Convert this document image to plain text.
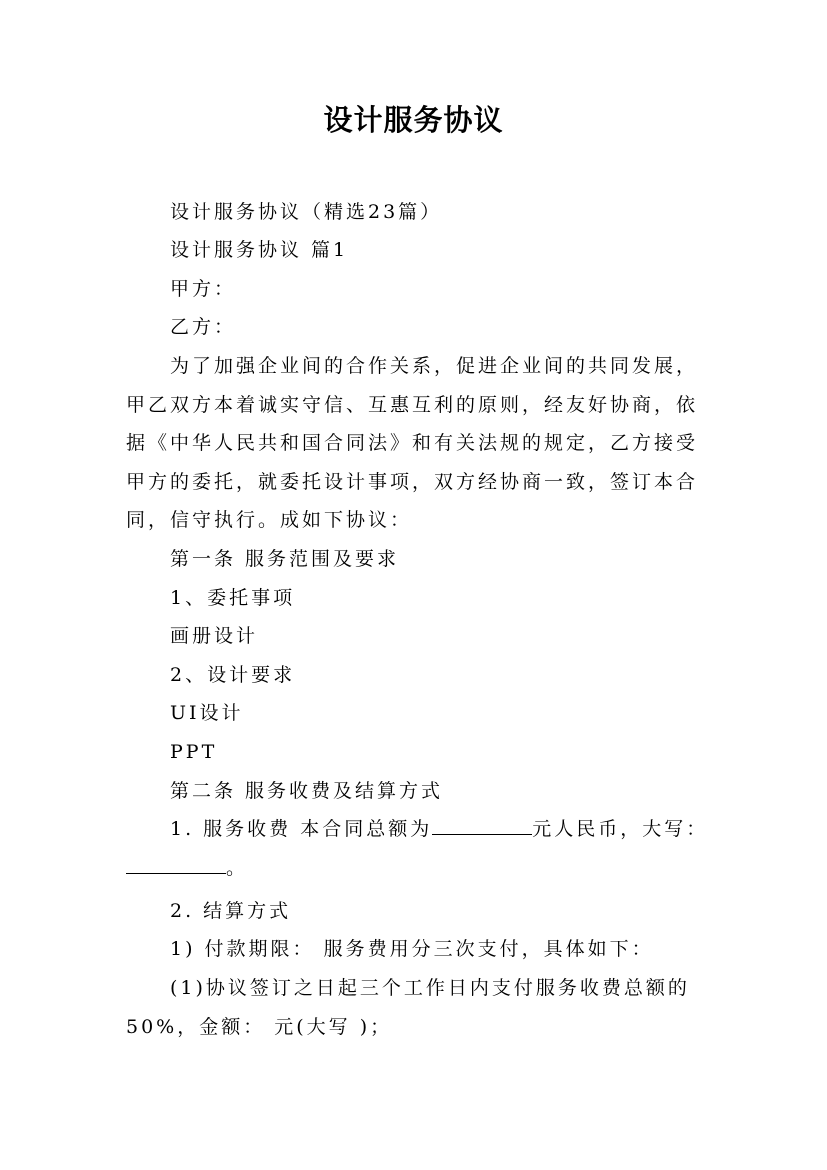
设计服务协议
设计服务协议（精选23篇）
设计服务协议 篇1
甲方：
乙方：
为了加强企业间的合作关系，促进企业间的共同发展，
甲乙双方本着诚实守信、互惠互利的原则，经友好协商，依
据《中华人民共和国合同法》和有关法规的规定，乙方接受
甲方的委托，就委托设计事项，双方经协商一致，签订本合
同，信守执行。成如下协议：
第一条 服务范围及要求
1、委托事项
画册设计
2、设计要求
UI设计
PPT
第二条 服务收费及结算方式
1. 服务收费 本合同总额为	元人民币，大写：
。
2. 结算方式
1) 付款期限： 服务费用分三次支付，具体如下：
(1)协议签订之日起三个工作日内支付服务收费总额的
50%，金额： 元(大写 )；
